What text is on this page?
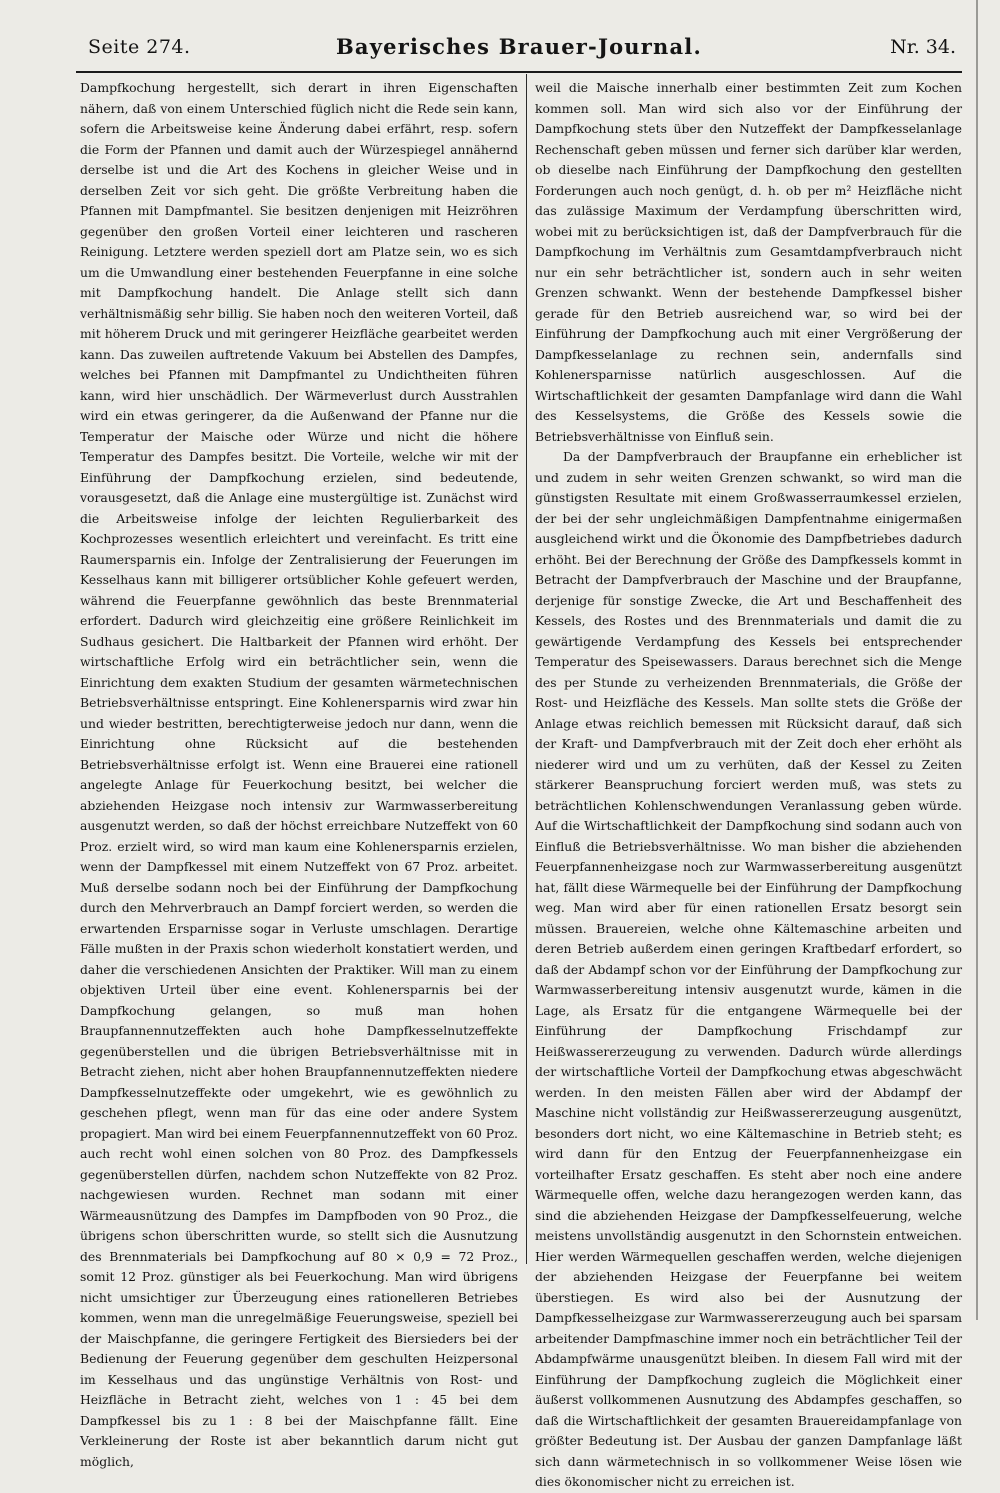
Seite 274.	Bayerisches Brauer-Journal.	Nr. 34.

Dampfkochung hergestellt, sich derart in ihren Eigenschaften nähern, daß von einem Unterschied füglich nicht die Rede sein kann, sofern die Arbeitsweise keine Änderung dabei erfährt, resp. sofern die Form der Pfannen und damit auch der Würzespiegel annähernd derselbe ist und die Art des Kochens in gleicher Weise und in derselben Zeit vor sich geht. Die größte Verbreitung haben die Pfannen mit Dampfmantel. Sie besitzen denjenigen mit Heizröhren gegenüber den großen Vorteil einer leichteren und rascheren Reinigung. Letztere werden speziell dort am Platze sein, wo es sich um die Umwandlung einer bestehenden Feuerpfanne in eine solche mit Dampfkochung handelt. Die Anlage stellt sich dann verhältnismäßig sehr billig. Sie haben noch den weiteren Vorteil, daß mit höherem Druck und mit geringerer Heizfläche gearbeitet werden kann. Das zuweilen auftretende Vakuum bei Abstellen des Dampfes, welches bei Pfannen mit Dampfmantel zu Undichtheiten führen kann, wird hier unschädlich. Der Wärmeverlust durch Ausstrahlen wird ein etwas geringerer, da die Außenwand der Pfanne nur die Temperatur der Maische oder Würze und nicht die höhere Temperatur des Dampfes besitzt. Die Vorteile, welche wir mit der Einführung der Dampfkochung erzielen, sind bedeutende, vorausgesetzt, daß die Anlage eine mustergültige ist. Zunächst wird die Arbeitsweise infolge der leichten Regulierbarkeit des Kochprozesses wesentlich erleichtert und vereinfacht. Es tritt eine Raumersparnis ein. Infolge der Zentralisierung der Feuerungen im Kesselhaus kann mit billigerer ortsüblicher Kohle gefeuert werden, während die Feuerpfanne gewöhnlich das beste Brennmaterial erfordert. Dadurch wird gleichzeitig eine größere Reinlichkeit im Sudhaus gesichert. Die Haltbarkeit der Pfannen wird erhöht. Der wirtschaftliche Erfolg wird ein beträchtlicher sein, wenn die Einrichtung dem exakten Studium der gesamten wärmetechnischen Betriebsverhältnisse entspringt. Eine Kohlenersparnis wird zwar hin und wieder bestritten, berechtigterweise jedoch nur dann, wenn die Einrichtung ohne Rücksicht auf die bestehenden Betriebsverhältnisse erfolgt ist. Wenn eine Brauerei eine rationell angelegte Anlage für Feuerkochung besitzt, bei welcher die abziehenden Heizgase noch intensiv zur Warmwasserbereitung ausgenutzt werden, so daß der höchst erreichbare Nutzeffekt von 60 Proz. erzielt wird, so wird man kaum eine Kohlenersparnis erzielen, wenn der Dampfkessel mit einem Nutzeffekt von 67 Proz. arbeitet. Muß derselbe sodann noch bei der Einführung der Dampfkochung durch den Mehrverbrauch an Dampf forciert werden, so werden die erwartenden Ersparnisse sogar in Verluste umschlagen. Derartige Fälle mußten in der Praxis schon wiederholt konstatiert werden, und daher die verschiedenen Ansichten der Praktiker. Will man zu einem objektiven Urteil über eine event. Kohlenersparnis bei der Dampfkochung gelangen, so muß man hohen Braupfannennutzeffekten auch hohe Dampfkesselnutzeffekte gegenüberstellen und die übrigen Betriebsverhältnisse mit in Betracht ziehen, nicht aber hohen Braupfannennutzeffekten niedere Dampfkesselnutzeffekte oder umgekehrt, wie es gewöhnlich zu geschehen pflegt, wenn man für das eine oder andere System propagiert. Man wird bei einem Feuerpfannennutzeffekt von 60 Proz. auch recht wohl einen solchen von 80 Proz. des Dampfkessels gegenüberstellen dürfen, nachdem schon Nutzeffekte von 82 Proz. nachgewiesen wurden. Rechnet man sodann mit einer Wärmeausnützung des Dampfes im Dampfboden von 90 Proz., die übrigens schon überschritten wurde, so stellt sich die Ausnutzung des Brennmaterials bei Dampfkochung auf 80 × 0,9 = 72 Proz., somit 12 Proz. günstiger als bei Feuerkochung. Man wird übrigens nicht umsichtiger zur Überzeugung eines rationelleren Betriebes kommen, wenn man die unregelmäßige Feuerungsweise, speziell bei der Maischpfanne, die geringere Fertigkeit des Biersieders bei der Bedienung der Feuerung gegenüber dem geschulten Heizpersonal im Kesselhaus und das ungünstige Verhältnis von Rost- und Heizfläche in Betracht zieht, welches von 1 : 45 bei dem Dampfkessel bis zu 1 : 8 bei der Maischpfanne fällt. Eine Verkleinerung der Roste ist aber bekanntlich darum nicht gut möglich,

weil die Maische innerhalb einer bestimmten Zeit zum Kochen kommen soll. Man wird sich also vor der Einführung der Dampfkochung stets über den Nutzeffekt der Dampfkesselanlage Rechenschaft geben müssen und ferner sich darüber klar werden, ob dieselbe nach Einführung der Dampfkochung den gestellten Forderungen auch noch genügt, d. h. ob per m² Heizfläche nicht das zulässige Maximum der Verdampfung überschritten wird, wobei mit zu berücksichtigen ist, daß der Dampfverbrauch für die Dampfkochung im Verhältnis zum Gesamtdampfverbrauch nicht nur ein sehr beträchtlicher ist, sondern auch in sehr weiten Grenzen schwankt. Wenn der bestehende Dampfkessel bisher gerade für den Betrieb ausreichend war, so wird bei der Einführung der Dampfkochung auch mit einer Vergrößerung der Dampfkesselanlage zu rechnen sein, andernfalls sind Kohlenersparnisse natürlich ausgeschlossen. Auf die Wirtschaftlichkeit der gesamten Dampfanlage wird dann die Wahl des Kesselsystems, die Größe des Kessels sowie die Betriebsverhältnisse von Einfluß sein.

Da der Dampfverbrauch der Braupfanne ein erheblicher ist und zudem in sehr weiten Grenzen schwankt, so wird man die günstigsten Resultate mit einem Großwasserraumkessel erzielen, der bei der sehr ungleichmäßigen Dampfentnahme einigermaßen ausgleichend wirkt und die Ökonomie des Dampfbetriebes dadurch erhöht. Bei der Berechnung der Größe des Dampfkessels kommt in Betracht der Dampfverbrauch der Maschine und der Braupfanne, derjenige für sonstige Zwecke, die Art und Beschaffenheit des Kessels, des Rostes und des Brennmaterials und damit die zu gewärtigende Verdampfung des Kessels bei entsprechender Temperatur des Speisewassers. Daraus berechnet sich die Menge des per Stunde zu verheizenden Brennmaterials, die Größe der Rost- und Heizfläche des Kessels. Man sollte stets die Größe der Anlage etwas reichlich bemessen mit Rücksicht darauf, daß sich der Kraft- und Dampfverbrauch mit der Zeit doch eher erhöht als niederer wird und um zu verhüten, daß der Kessel zu Zeiten stärkerer Beanspruchung forciert werden muß, was stets zu beträchtlichen Kohlenschwendungen Veranlassung geben würde. Auf die Wirtschaftlichkeit der Dampfkochung sind sodann auch von Einfluß die Betriebsverhältnisse. Wo man bisher die abziehenden Feuerpfannenheizgase noch zur Warmwasserbereitung ausgenützt hat, fällt diese Wärmequelle bei der Einführung der Dampfkochung weg. Man wird aber für einen rationellen Ersatz besorgt sein müssen. Brauereien, welche ohne Kältemaschine arbeiten und deren Betrieb außerdem einen geringen Kraftbedarf erfordert, so daß der Abdampf schon vor der Einführung der Dampfkochung zur Warmwasserbereitung intensiv ausgenutzt wurde, kämen in die Lage, als Ersatz für die entgangene Wärmequelle bei der Einführung der Dampfkochung Frischdampf zur Heißwassererzeugung zu verwenden. Dadurch würde allerdings der wirtschaftliche Vorteil der Dampfkochung etwas abgeschwächt werden. In den meisten Fällen aber wird der Abdampf der Maschine nicht vollständig zur Heißwassererzeugung ausgenützt, besonders dort nicht, wo eine Kältemaschine in Betrieb steht; es wird dann für den Entzug der Feuerpfannenheizgase ein vorteilhafter Ersatz geschaffen. Es steht aber noch eine andere Wärmequelle offen, welche dazu herangezogen werden kann, das sind die abziehenden Heizgase der Dampfkesselfeuerung, welche meistens unvollständig ausgenutzt in den Schornstein entweichen. Hier werden Wärmequellen geschaffen werden, welche diejenigen der abziehenden Heizgase der Feuerpfanne bei weitem überstiegen. Es wird also bei der Ausnutzung der Dampfkesselheizgase zur Warmwassererzeugung auch bei sparsam arbeitender Dampfmaschine immer noch ein beträchtlicher Teil der Abdampfwärme unausgenützt bleiben. In diesem Fall wird mit der Einführung der Dampfkochung zugleich die Möglichkeit einer äußerst vollkommenen Ausnutzung des Abdampfes geschaffen, so daß die Wirtschaftlichkeit der gesamten Brauereidampfanlage von größter Bedeutung ist. Der Ausbau der ganzen Dampfanlage läßt sich dann wärmetechnisch in so vollkommener Weise lösen wie dies ökonomischer nicht zu erreichen ist.
